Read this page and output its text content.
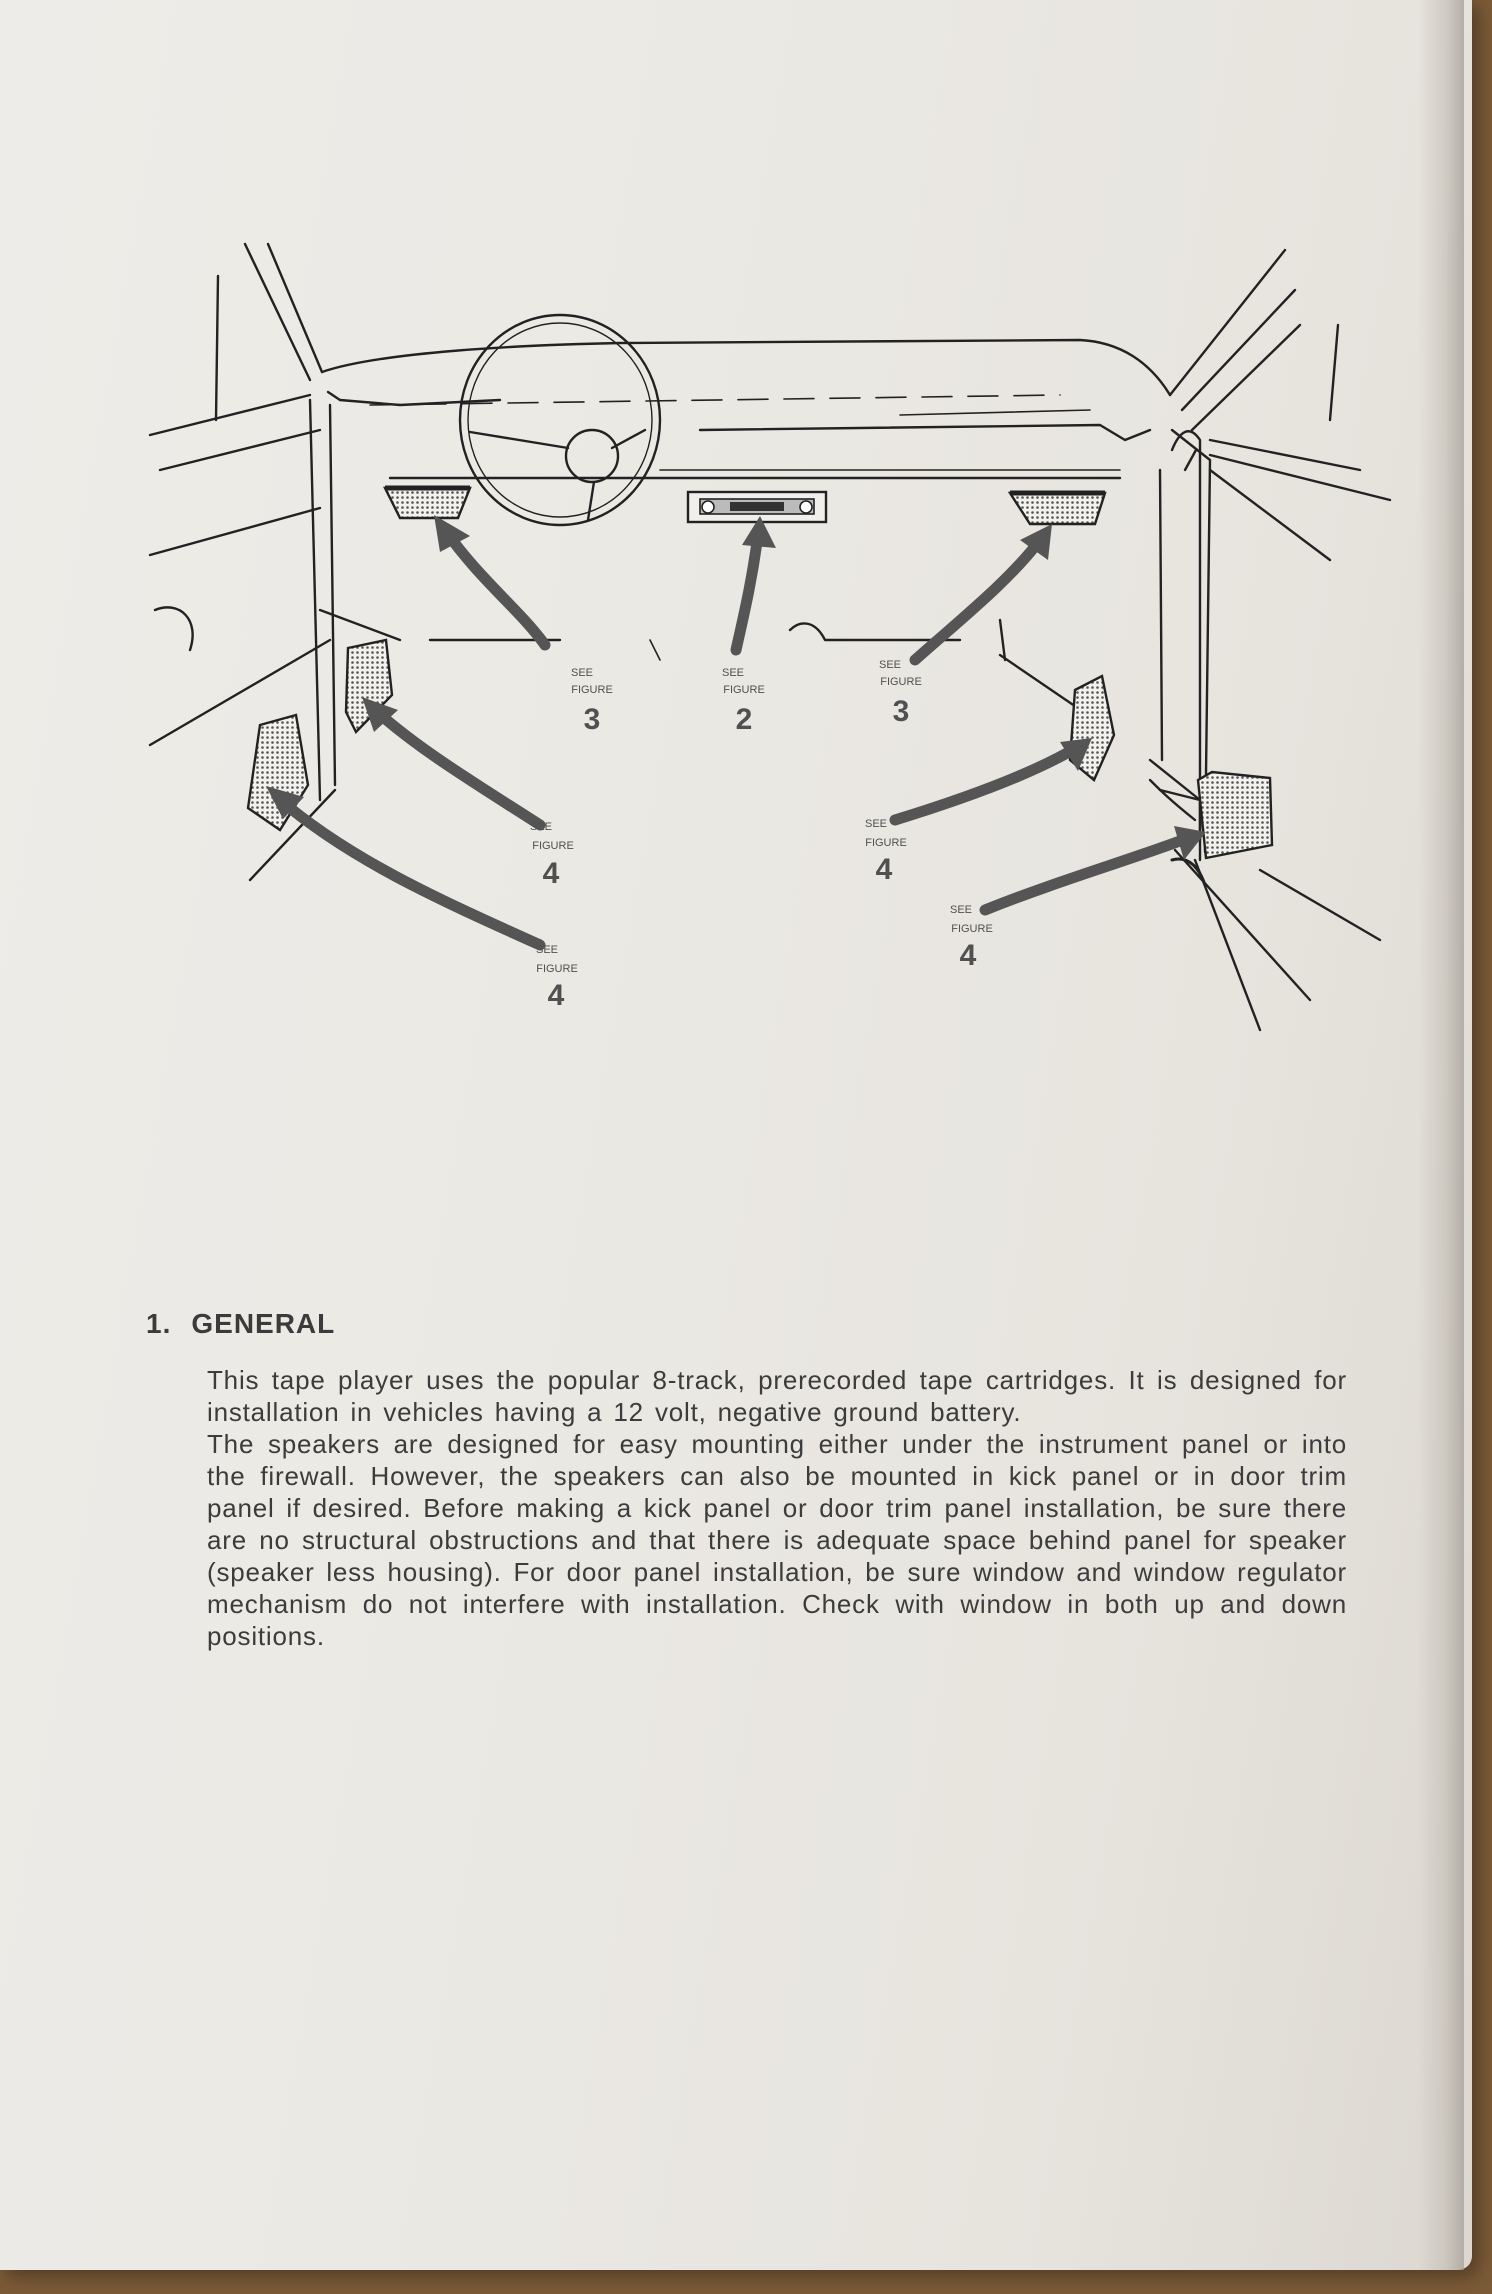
SEE
FIGURE
3
SEE
FIGURE
2
SEE
FIGURE
3
SEE
FIGURE
4
SEE
FIGURE
4
SEE
FIGURE
4
SEE
FIGURE
4
1. GENERAL

This tape player uses the popular 8-track, prerecorded tape cartridges. It is designed for installation in vehicles having a 12 volt, negative ground battery.

The speakers are designed for easy mounting either under the instrument panel or into the firewall. However, the speakers can also be mounted in kick panel or in door trim panel if desired. Before making a kick panel or door trim panel installation, be sure there are no structural obstructions and that there is adequate space behind panel for speaker (speaker less housing). For door panel installation, be sure window and window regulator mechanism do not interfere with installation. Check with window in both up and down positions.
